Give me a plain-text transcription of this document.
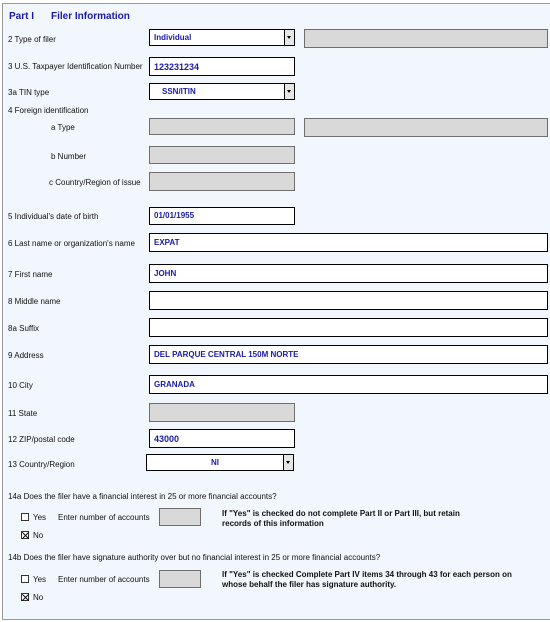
Part I Filer Information
2 Type of filer	Individual
3 U.S. Taxpayer Identification Number	123231234
3a TIN type	SSN/ITIN
4 Foreign identification
a Type
b Number
c Country/Region of issue
5 Individual's date of birth	01/01/1955
6 Last name or organization's name	EXPAT
7 First name	JOHN
8 Middle name
8a Suffix
9 Address	DEL PARQUE CENTRAL 150M NORTE
10 City	GRANADA
11 State
12 ZIP/postal code	43000
13 Country/Region	NI
14a Does the filer have a financial interest in 25 or more financial accounts?
Yes Enter number of accounts	If "Yes" is checked do not complete Part II or Part III, but retain
records of this information
No
14b Does the filer have signature authority over but no financial interest in 25 or more financial accounts?
Yes Enter number of accounts
If "Yes" is checked Complete Part IV items 34 through 43 for each person on
whose behalf the filer has signature authority.
No
